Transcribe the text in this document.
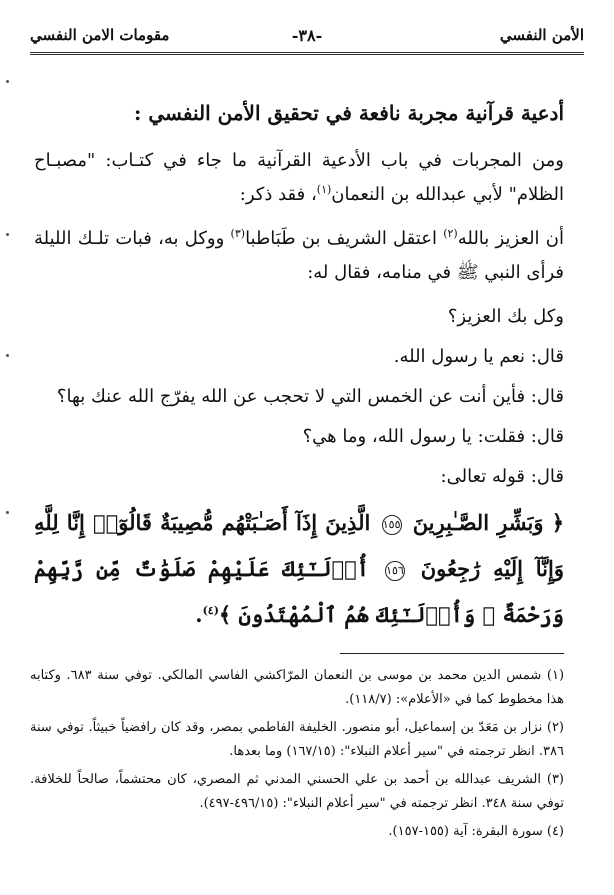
الأمن النفسي
-٣٨-
مقومات الامن النفسي
أدعية قرآنية مجربة نافعة في تحقيق الأمن النفسي :

ومن المجربات في باب الأدعية القرآنية ما جاء في كتـاب: "مصبـاح الظلام" لأبي عبدالله بن النعمان$^{(١)}$، فقد ذكر:

أن العزيز بالله$^{(٢)}$ اعتقل الشريف بن طَبَاطبا$^{(٣)}$ ووكل به، فبات تلـك الليلة فرأى النبي ﷺ في منامه، فقال له:

وكل بك العزيز؟
قال: نعم يا رسول الله.
قال: فأين أنت عن الخمس التي لا تحجب عن الله يفرّج الله عنك بها؟
قال: فقلت: يا رسول الله، وما هي؟
قال: قوله تعالى:

﴿ وَبَشِّرِ الصَّـٰبِرِينَ ١٥٥ الَّذِينَ إِذَآ أَصَـٰبَتْهُم مُّصِيبَةٌ قَالُوٓا۟ إِنَّا لِلَّهِ وَإِنَّآ إِلَيْهِ رَٰجِعُونَ ١٥٦ أُو۟لَـٰٓئِكَ عَلَيْهِمْ صَلَوَٰتٌ مِّن رَّبِّهِمْ وَرَحْمَةٌ ۖ وَأُو۟لَـٰٓئِكَ هُمُ ٱلْمُهْتَدُونَ ﴾$^{(٤)}$.

(١) شمس الدين محمد بن موسى بن النعمان المرّاكشي الفاسي المالكي. توفي سنة ٦٨٣. وكتابه هذا مخطوط كما في «الأعلام»: (١١٨/٧).

(٢) نزار بن مَعَدّ بن إسماعيل، أبو منصور. الخليفة الفاطمي بمصر، وقد كان رافضياً خبيثاً. توفي سنة ٣٨٦. انظر ترجمته في "سير أعلام النبلاء": (١٦٧/١٥) وما بعدها.

(٣) الشريف عبدالله بن أحمد بن علي الحسني المدني ثم المصري، كان محتشماً، صالحاً للخلافة. توفي سنة ٣٤٨. انظر ترجمته في "سير أعلام النبلاء": (٤٩٦/١٥-٤٩٧).

(٤) سورة البقرة: آية (١٥٥-١٥٧).
